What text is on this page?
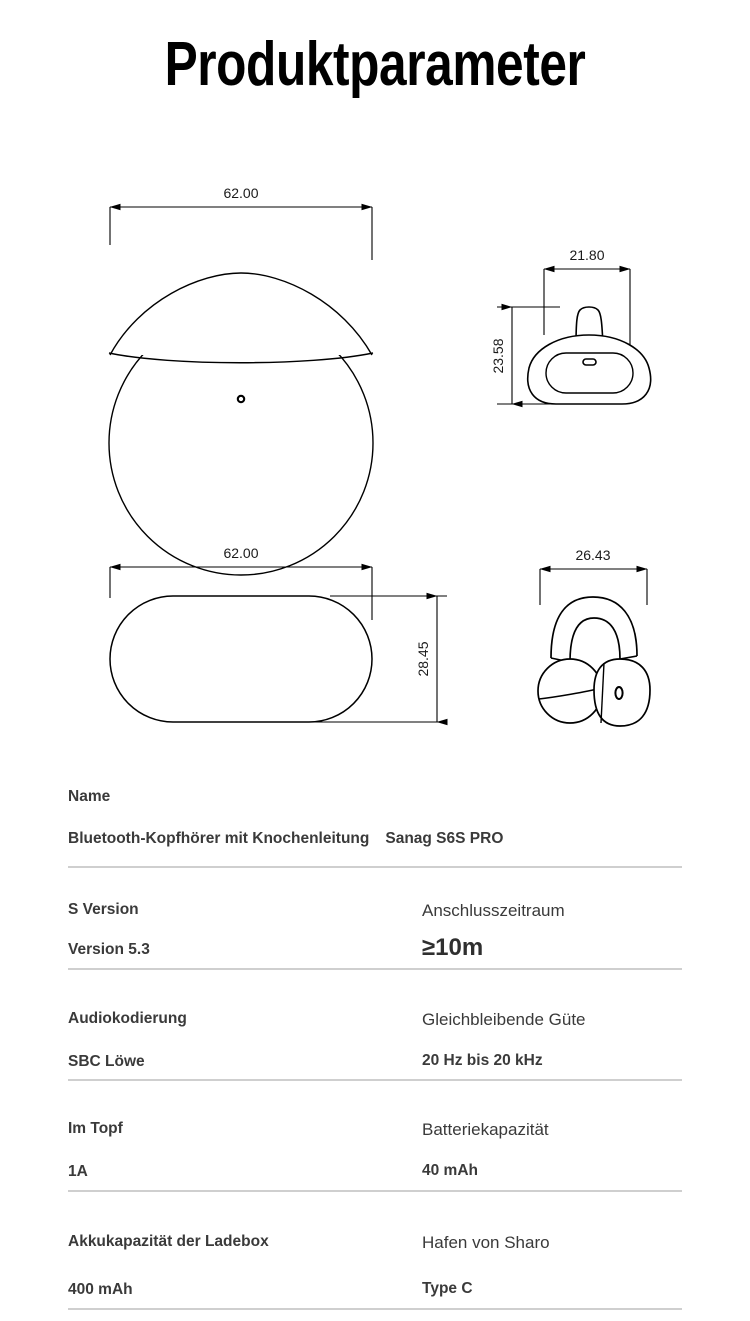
Produktparameter
62.00
21.80
23.58
62.00
28.45
26.43
Name
Bluetooth-Kopfhörer mit Knochenleitung Sanag S6S PRO
S Version
Version 5.3
Anschlusszeitraum
≥10m
Audiokodierung
SBC Löwe
Gleichbleibende Güte
20 Hz bis 20 kHz
Im Topf
1A
Batteriekapazität
40 mAh
Akkukapazität der Ladebox
400 mAh
Hafen von Sharo
Type C
